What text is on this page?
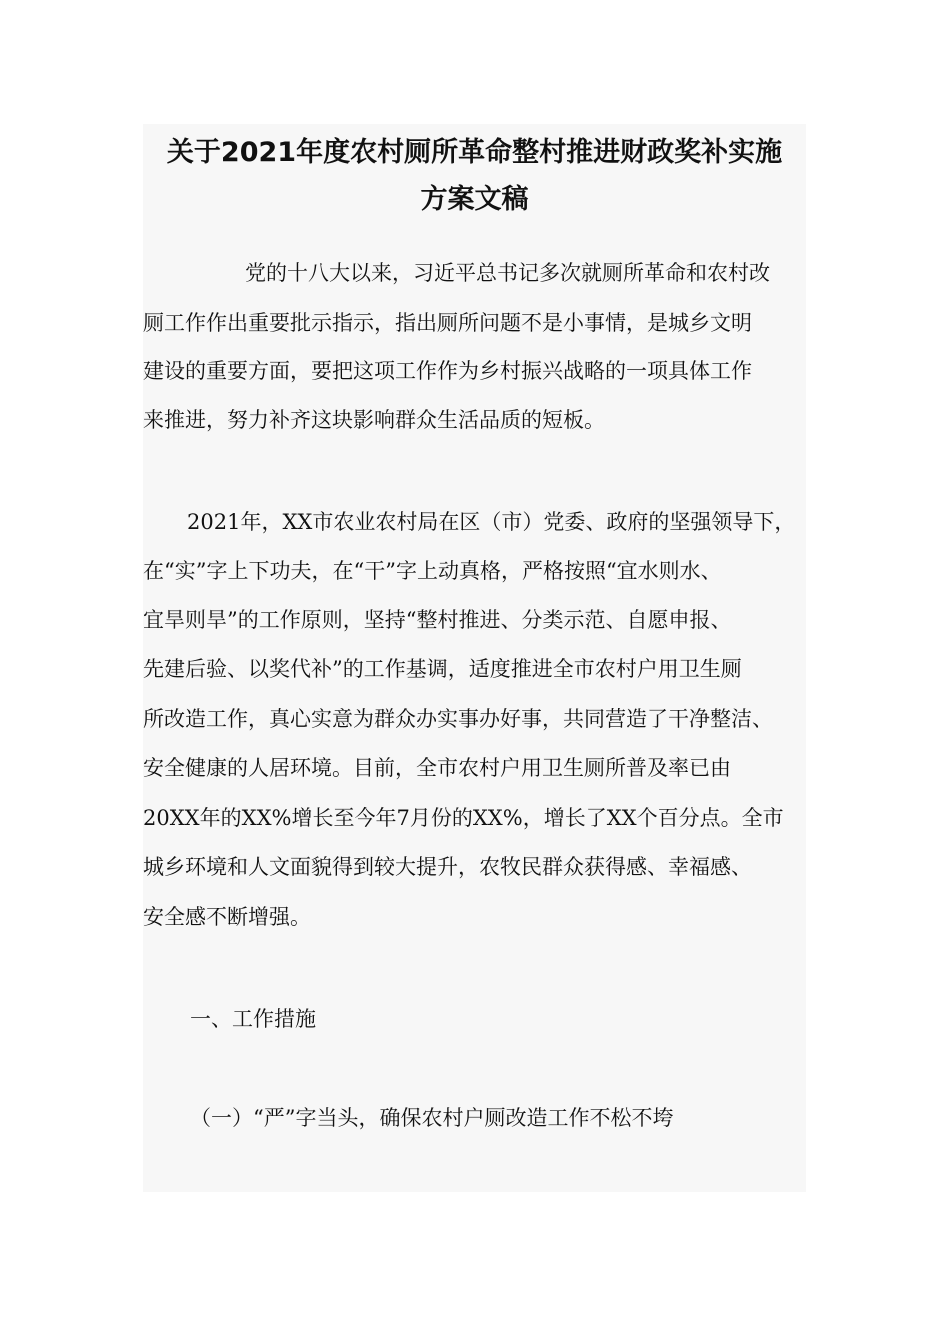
关于2021年度农村厕所革命整村推进财政奖补实施
方案文稿
党的十八大以来，习近平总书记多次就厕所革命和农村改
厕工作作出重要批示指示，指出厕所问题不是小事情，是城乡文明
建设的重要方面，要把这项工作作为乡村振兴战略的一项具体工作
来推进，努力补齐这块影响群众生活品质的短板。
2021年，XX市农业农村局在区（市）党委、政府的坚强领导下，
在“实”字上下功夫，在“干”字上动真格，严格按照“宜水则水、
宜旱则旱”的工作原则，坚持“整村推进、分类示范、自愿申报、
先建后验、以奖代补”的工作基调，适度推进全市农村户用卫生厕
所改造工作，真心实意为群众办实事办好事，共同营造了干净整洁、
安全健康的人居环境。目前，全市农村户用卫生厕所普及率已由
20XX年的XX%增长至今年7月份的XX%，增长了XX个百分点。全市
城乡环境和人文面貌得到较大提升，农牧民群众获得感、幸福感、
安全感不断增强。
一、工作措施
（一）“严”字当头，确保农村户厕改造工作不松不垮
